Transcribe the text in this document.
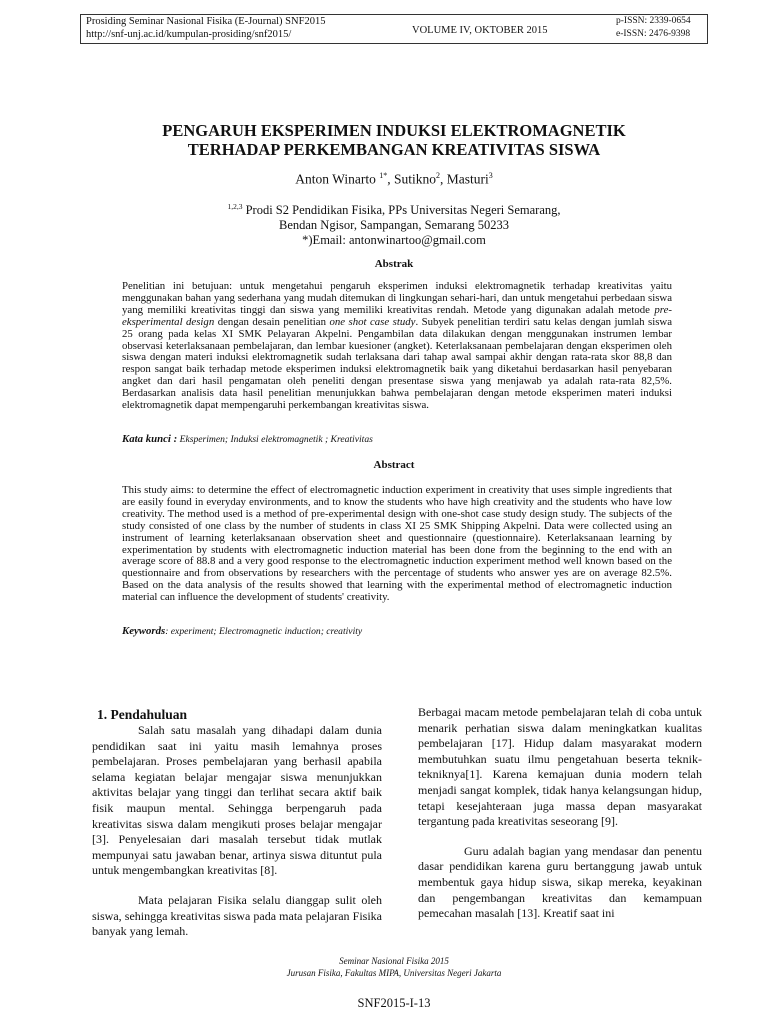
Prosiding Seminar Nasional Fisika (E-Journal) SNF2015
http://snf-unj.ac.id/kumpulan-prosiding/snf2015/	VOLUME IV, OKTOBER 2015
p-ISSN: 2339-0654
e-ISSN: 2476-9398
PENGARUH EKSPERIMEN INDUKSI ELEKTROMAGNETIK
TERHADAP PERKEMBANGAN KREATIVITAS SISWA
Anton Winarto $^{1*}$, Sutikno$^2$, Masturi$^3$
$^{1,2,3}$ Prodi S2 Pendidikan Fisika, PPs Universitas Negeri Semarang,
Bendan Ngisor, Sampangan, Semarang 50233
*)Email: antonwinartoo@gmail.com
Abstrak
Penelitian ini betujuan: untuk mengetahui pengaruh eksperimen induksi elektromagnetik terhadap kreativitas yaitu menggunakan bahan yang sederhana yang mudah ditemukan di lingkungan sehari-hari, dan untuk mengetahui perbedaan siswa yang memiliki kreativitas tinggi dan siswa yang memiliki kreativitas rendah. Metode yang digunakan adalah metode pre-eksperimental design dengan desain penelitian one shot case study. Subyek penelitian terdiri satu kelas dengan jumlah siswa 25 orang pada kelas XI SMK Pelayaran Akpelni. Pengambilan data dilakukan dengan menggunakan instrumen lembar observasi keterlaksanaan pembelajaran, dan lembar kuesioner (angket). Keterlaksanaan pembelajaran dengan eksperimen oleh siswa dengan materi induksi elektromagnetik sudah terlaksana dari tahap awal sampai akhir dengan rata-rata skor 88,8 dan respon sangat baik terhadap metode eksperimen induksi elektromagnetik baik yang diketahui berdasarkan hasil penyebaran angket dan dari hasil pengamatan oleh peneliti dengan presentase siswa yang menjawab ya adalah rata-rata 82,5%. Berdasarkan analisis data hasil penelitian menunjukkan bahwa pembelajaran dengan metode eksperimen materi induksi elektromagnetik dapat mempengaruhi perkembangan kreativitas siswa.
Kata kunci : Eksperimen; Induksi elektromagnetik ; Kreativitas
Abstract
This study aims: to determine the effect of electromagnetic induction experiment in creativity that uses simple ingredients that are easily found in everyday environments, and to know the students who have high creativity and the students who have low creativity. The method used is a method of pre-experimental design with one-shot case study design study. The subjects of the study consisted of one class by the number of students in class XI 25 SMK Shipping Akpelni. Data were collected using an instrument of learning keterlaksanaan observation sheet and questionnaire (questionnaire). Keterlaksanaan learning by experimentation by students with electromagnetic induction material has been done from the beginning to the end with an average score of 88.8 and a very good response to the electromagnetic induction experiment method well known based on the questionnaire and from observations by researchers with the percentage of students who answer yes are on average 82.5%. Based on the data analysis of the results showed that learning with the experimental method of electromagnetic induction material can influence the development of students' creativity.
Keywords: experiment; Electromagnetic induction; creativity
1. Pendahuluan

Salah satu masalah yang dihadapi dalam dunia pendidikan saat ini yaitu masih lemahnya proses pembelajaran. Proses pembelajaran yang berhasil apabila selama kegiatan belajar mengajar siswa menunjukkan aktivitas belajar yang tinggi dan terlihat secara aktif baik fisik maupun mental. Sehingga berpengaruh pada kreativitas siswa dalam mengikuti proses belajar mengajar [3]. Penyelesaian dari masalah tersebut tidak mutlak mempunyai satu jawaban benar, artinya siswa dituntut pula untuk mengembangkan kreativitas [8].

Mata pelajaran Fisika selalu dianggap sulit oleh siswa, sehingga kreativitas siswa pada mata pelajaran Fisika banyak yang lemah.

Berbagai macam metode pembelajaran telah di coba untuk menarik perhatian siswa dalam meningkatkan kualitas pembelajaran [17]. Hidup dalam masyarakat modern membutuhkan suatu ilmu pengetahuan beserta teknik-tekniknya[1]. Karena kemajuan dunia modern telah menjadi sangat komplek, tidak hanya kelangsungan hidup, tetapi kesejahteraan juga massa depan masyarakat tergantung pada kreativitas seseorang [9].

Guru adalah bagian yang mendasar dan penentu dasar pendidikan karena guru bertanggung jawab untuk membentuk gaya hidup siswa, sikap mereka, keyakinan dan pengembangan kreativitas dan kemampuan pemecahan masalah [13]. Kreatif saat ini

Seminar Nasional Fisika 2015
Jurusan Fisika, Fakultas MIPA, Universitas Negeri Jakarta
SNF2015-I-13
